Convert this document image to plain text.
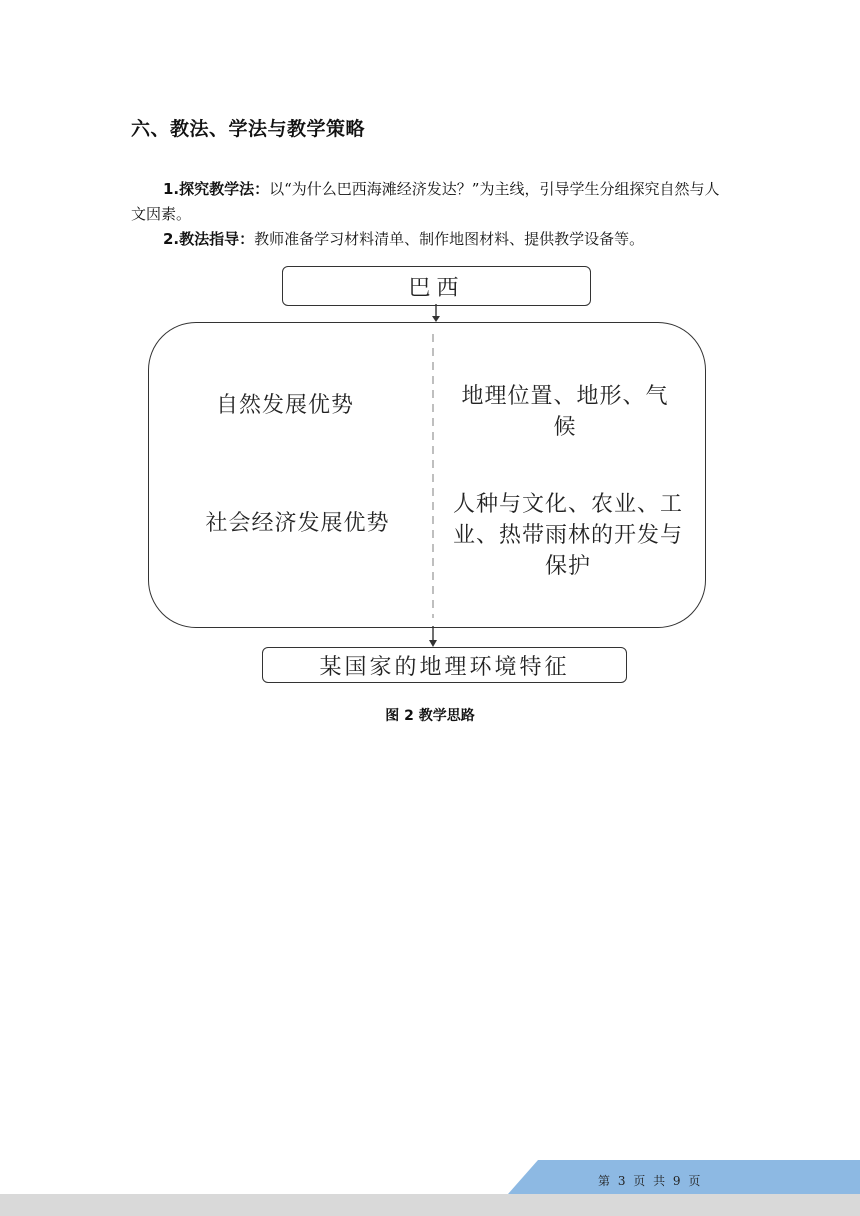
六、教法、学法与教学策略

1.探究教学法：以“为什么巴西海滩经济发达？”为主线，引导学生分组探究自然与人文因素。

2.教法指导：教师准备学习材料清单、制作地图材料、提供教学设备等。

巴西
自然发展优势
社会经济发展优势
地理位置、地形、气候
人种与文化、农业、工业、热带雨林的开发与保护
某国家的地理环境特征

图 2 教学思路

第 3 页 共 9 页
